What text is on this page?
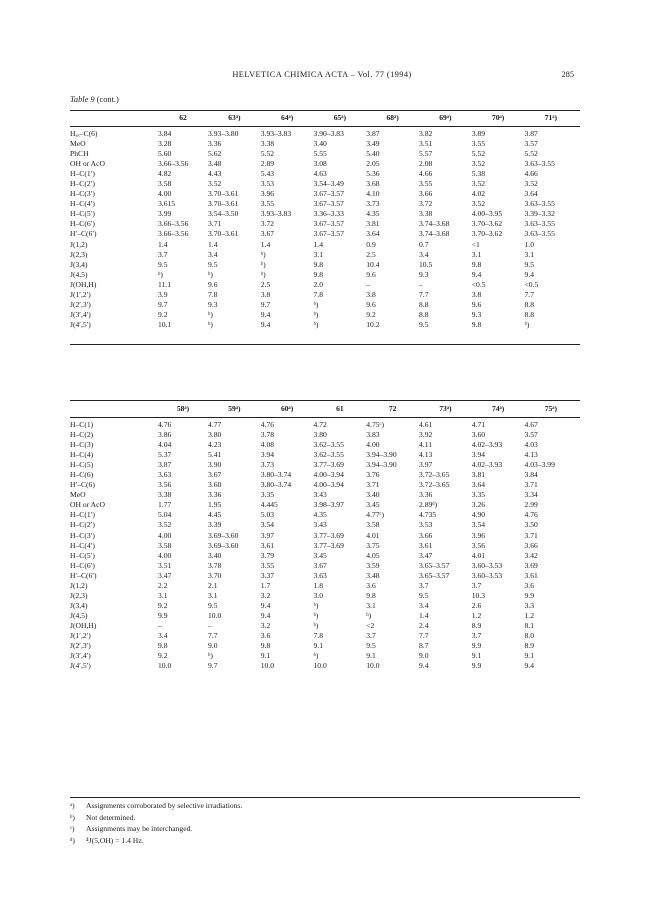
HELVETICA CHIMICA ACTA – Vol. 77 (1994)	285
Table 9 (cont.)
62	63ᵃ)	64ᵃ)	65ᵃ)	68ᵃ)	69ᵃ)	70ᵃ)	71ᵃ)
Hₐₓ–C(6)	3.84	3.93–3.80	3.93–3.83	3.90–3.83	3.87	3.82	3.89	3.87
MeO	3.28	3.36	3.38	3.40	3.49	3.51	3.55	3.57
PhCH	5.60	5.62	5.52	5.55	5.40	5.57	5.52	5.52
OH or AcO	3.66–3.56	3.48	2.89	3.08	2.05	2.08	3.52	3.63–3.55
H–C(1′)	4.82	4.43	5.43	4.63	5.36	4.66	5.38	4.66
H–C(2′)	3.58	3.52	3.53	3.54–3.49	3.68	3.55	3.52	3.52
H–C(3′)	4.00	3.70–3.61	3.96	3.67–3.57	4.10	3.66	4.02	3.64
H–C(4′)	3.615	3.70–3.61	3.55	3.67–3.57	3.73	3.72	3.52	3.63–3.55
H–C(5′)	3.99	3.54–3.50	3.93–3.83	3.36–3.33	4.35	3.38	4.00–3.95	3.39–3.32
H–C(6′)	3.66–3.56	3.71	3.72	3.67–3.57	3.81	3.74–3.68	3.70–3.62	3.63–3.55
H′–C(6′)	3.66–3.56	3.70–3.61	3.67	3.67–3.57	3.64	3.74–3.68	3.70–3.62	3.63–3.55
J(1,2)	1.4	1.4	1.4	1.4	0.9	0.7	<1	1.0
J(2,3)	3.7	3.4	ᵇ)	3.1	2.5	3.4	3.1	3.1
J(3,4)	9.5	9.5	ᵇ)	9.8	10.4	10.5	9.8	9.5
J(4,5)	ᵇ)	ᵇ)	ᵇ)	9.8	9.6	9.3	9.4	9.4
J(OH,H)	11.1	9.6	2.5	2.0	–	–	<0.5	<0.5
J(1′,2′)	3.9	7.8	3.8	7.8	3.8	7.7	3.8	7.7
J(2′,3′)	9.7	9.3	9.7	ᵇ)	9.6	8.8	9.6	8.8
J(3′,4′)	9.2	ᵇ)	9.4	ᵇ)	9.2	8.8	9.3	8.8
J(4′,5′)	10.1	ᵇ)	9.4	ᵇ)	10.2	9.5	9.8	ᵇ)
58ᵃ)	59ᵃ)	60ᵃ)	61	72	73ᵃ)	74ᵃ)	75ᵃ)
H–C(1)	4.76	4.77	4.76	4.72	4.75ᶜ)	4.61	4.71	4.67
H–C(2)	3.86	3.80	3.78	3.80	3.83	3.92	3.60	3.57
H–C(3)	4.04	4.23	4.08	3.62–3.55	4.00	4.11	4.02–3.93	4.03
H–C(4)	5.37	5.41	3.94	3.62–3.55	3.94–3.90	4.13	3.94	4.13
H–C(5)	3.87	3.90	3.73	3.77–3.69	3.94–3.90	3.97	4.02–3.93	4.03–3.99
H–C(6)	3.63	3.67	3.80–3.74	4.00–3.94	3.76	3.72–3.65	3.81	3.84
H′–C(6)	3.56	3.60	3.80–3.74	4.00–3.94	3.71	3.72–3.65	3.64	3.71
MeO	3.38	3.36	3.35	3.43	3.40	3.36	3.35	3.34
OH or AcO	1.77	1.95	4.445	3.98–3.97	3.45	2.89ᵈ)	3.26	2.99
H–C(1′)	5.04	4.45	5.03	4.35	4.77ᶜ)	4.735	4.90	4.76
H–C(2′)	3.52	3.39	3.54	3.43	3.58	3.53	3.54	3.50
H–C(3′)	4.00	3.69–3.60	3.97	3.77–3.69	4.01	3.66	3.96	3.71
H–C(4′)	3.58	3.69–3.60	3.61	3.77–3.69	3.75	3.61	3.56	3.66
H–C(5′)	4.00	3.40	3.79	3.45	4.05	3.47	4.01	3.42
H–C(6′)	3.51	3.78	3.55	3.67	3.59	3.65–3.57	3.60–3.53	3.69
H′–C(6′)	3.47	3.70	3.37	3.63	3.48	3.65–3.57	3.60–3.53	3.61
J(1,2)	2.2	2.1	1.7	1.8	3.6	3.7	3.7	3.6
J(2,3)	3.1	3.1	3.2	3.0	9.8	9.5	10.3	9.9
J(3,4)	9.2	9.5	9.4	ᵇ)	3.1	3.4	2.6	3.3
J(4,5)	9.9	10.0	9.4	ᵇ)	ᵇ)	1.4	1.2	1.2
J(OH,H)	–	–	3.2	ᵇ)	<2	2.4	8.9	8.1
J(1′,2′)	3.4	7.7	3.6	7.8	3.7	7.7	3.7	8.0
J(2′,3′)	9.8	9.0	9.8	9.1	9.5	8.7	9.9	8.9
J(3′,4′)	9.2	ᵇ)	9.1	ᵇ)	9.1	9.0	9.1	9.1
J(4′,5′)	10.0	9.7	10.0	10.0	10.0	9.4	9.9	9.4
ᵃ) Assignments corroborated by selective irradiations.
ᵇ) Not determined.
ᶜ) Assignments may be interchanged.
ᵈ) ⁴J(5,OH) = 1.4 Hz.
